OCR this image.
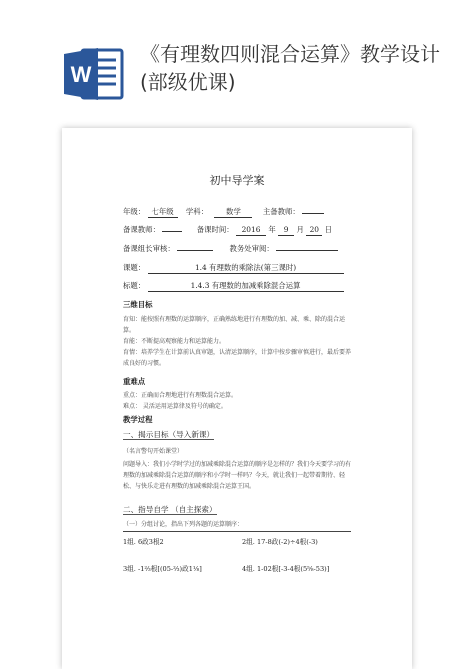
W
《有理数四则混合运算》教学设计(部级优课)
初中导学案
年级： 七年级 学科： 数学	主备教师：
备课教师：	备课时间： 2016 年 9 月 20 日
备课组长审核：	教务处审阅：
课题：	1.4 有理数的乘除法(第三课时)
标题：	1.4.3 有理数的加减乘除混合运算
三维目标
育知：能按照有理数的运算顺序，正确熟练地进行有理数的加、减、乘、除的混合运算。
育能：不断提高观察能力和运算能力。
育情：培养学生在计算前认真审题，认清运算顺序，计算中按步骤审慎进行，最后要养成良好的习惯。
重难点
重点：正确而合理地进行有理数混合运算。
难点： 灵活运用运算律及符号的确定。
教学过程
一、揭示目标（导入新课）
（名言警句开始课堂）
问题导入：我们小学时学过的加减乘除混合运算的顺序是怎样的？我们今天要学习的有理数的加减乘除混合运算的顺序和小学时一样吗？今天，就让我们一起带着期待、轻松、与快乐走进有理数的加减乘除混合运算王国。
二、指导自学 （自主探索）
（一）分组讨论，指出下列各题的运算顺序：
1组. 6政3根2	2组. 17-8政(-2)÷4根(-3)
3组. -1⅔根[(05-⅔)政1⅛]	4组. 1-02根[-3-4根(5⅝-53)]
